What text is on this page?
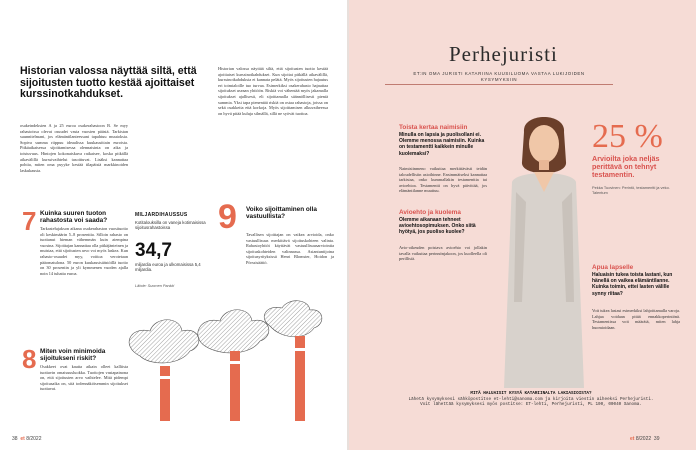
Historian valossa näyttää siltä, että sijoitusten tuotto kestää ajoittaiset kurssinotkahdukset.

osakeindeksien A ja 25 euroa osakerahastoon B. Se myy rahastoissa olevat osuudet vasta vuosien päästä. Tarkistan suunnitelmani, jos elämäntilanteessani tapahtuu muutoksia. Sopiva summa riippuu ideaalissa kuukausittain euroista. Pitkäaikaisessa sijoittamisessa olennaisinta on aika ja toistuvuus. Hintojen kokonaiskuva ratkaisee, koska pitkällä aikavälillä kurssivaihtelut tasoittuvat. Lisäksi kannattaa pohtia, miten oma psyyke kestää tilapäisiä markkinoiden laskukausia.

7 Kuinka suuren tuoton rahastosta voi saada?

Tarkastelujakson aikana osakerahaston vuosituotto oli keskimäärin 5–8 prosenttia. Silloin rahasto on tuottanut hieman vähemmän kuin aiempina vuosina. Sijoittajan kannattaa olla pitkäjänteinen ja muistaa, että sijoitusten arvo voi myös laskea. Kun rahasto-osuudet myy, voittoa verotetaan pääomatulona. 50 euron kuukausisäästöillä tuotto on 30 prosentin ja yli kymmenen vuoden ajalla noin 14 tuhatta euroa.

8 Miten voin minimoida sijoitukseni riskit?

Osakkeet ovat kautta aikain olleet kalliista tuottavin omaisuusluokka. Tuottojen vastapainona on, että sijoitusten arvo vaihtelee. Mitä pidempi sijoitusaika on, sitä todennäköisemmin sijoitukset tuottavat.

Historian valossa näyttää siltä, että sijoitusten tuotto kestää ajoittaiset kurssinotkahdukset. Kun sijoitat pitkällä aikavälillä, kurssinotkahduksia ei kannata pelätä. Myös sijoitusten hajautus eri toimialoille tuo turvaa. Esimerkiksi osakerahasto hajauttaa sijoitukset useaan yhtiöön. Riskiä voi vähentää myös jakamalla sijoitukset ajallisesti, eli sijoittamalla säännöllisesti pieniä summia. Yksi tapa pienentää riskiä on ostaa rahastoja, joissa on sekä osakkeita että korkoja. Myös sijoittamisen alkuvaiheessa on hyvä pitää kuluja silmällä, sillä ne syövät tuottoa.

MILJARDIHAUSSUS
Kotitalouksilla on vaneja kotimaisissa sijoitusrahastoissa
34,7
miljardia euroa ja ulkomaisissa 5,4 miljardia.
Lähde: Suomen Pankki
9 Voiko sijoittaminen olla vastuullista?
Tavallisen sijoittajan on vaikea arvioida, onko vastuullisuus merkittävä sijoituskohteen valinta. Rahastoyhtiöt käyttävät vastuullisuusarviointia sijoituskohteiden valinnassa. Asiantuntijoina sijoitusyrityksissä Henri Blomster, Hoidon ja Pörssisäätiö.
38 et 8/2022
Perhejuristi
ET:IN OMA JURISTI KATARIINA KUUSILUOMA VASTAA LUKIJOIDEN KYSYMYKSIIN
Toista kertaa naimisiin
Minulla on lapsia ja puolisollani ei. Olemme menossa naimisiin. Kuinka on testamentti kaikkein minulle kuolemaksi?
Naimisiinmeno vaikuttaa merkittävästi teidän taloudellisiin asioihinne. Ensimmäiseksi kannattaa tarkistaa, onko kummallakin testamenttia tai avioehtoa. Testamentti on hyvä päivittää, jos elämäntilanne muuttuu.
Avioehto ja kuolema
Olemme aikanaan tehneet avioehtosopimuksen. Onko siitä hyötyä, jos puoliso kuolee?
Avio-oikeuden poistava avioehto voi jollakin tavalla vaikuttaa perinnönjakoon, jos kuolleella oli perillisiä.
25 %
Arvioilta joka neljäs perittävä on tehnyt testamentin.
Pekka Tuovinen: Perintö, testamentti ja veko. Talentum
Apua lapselle
Haluaisin tukea toista lastani, kun hänellä on vaikea elämäntilanne. Kuinka toimin, ettei lasten välille synny riitaa?
Voit tukea lastasi esimerkiksi lahjoittamalla varoja. Lahjaa voidaan pitää ennakkoperintönä. Testamentissa voit määrätä, miten lahja huomioidaan.
MITÄ HALUAISIT KYSYÄ KATARIINALTA LAKIASIOISTA?
Lähetä kysymyksesi sähköpostitse et-lehti@sanoma.com ja kirjoita viestin aiheeksi Perhejuristi.
Voit lähettää kysymyksesi myös postitse: ET-lehti, Perhejuristi, PL 100, 00040 Sanoma.
et 8/2022 39
